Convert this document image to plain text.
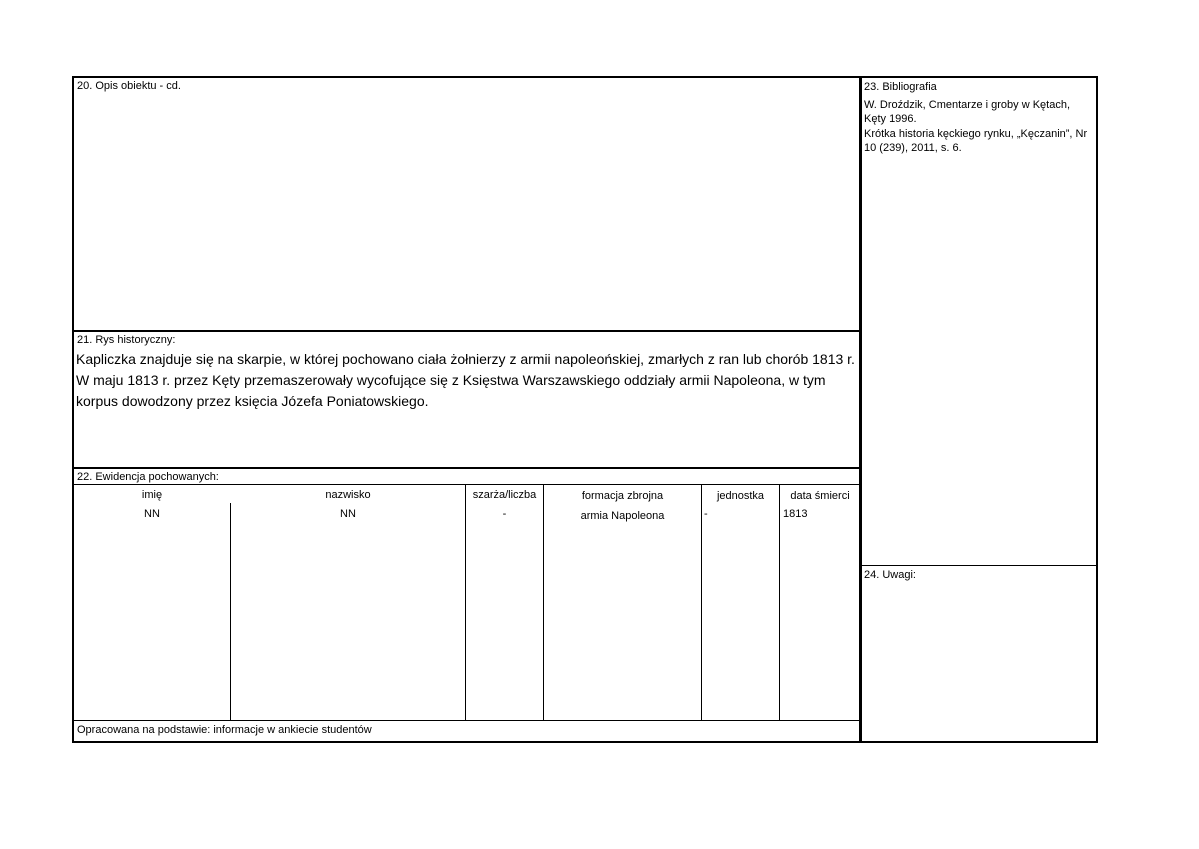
20. Opis obiektu - cd.
21. Rys historyczny:
Kapliczka znajduje się na skarpie, w której pochowano ciała żołnierzy z armii napoleońskiej, zmarłych z ran lub chorób 1813 r. W maju 1813 r. przez Kęty przemaszerowały wycofujące się z Księstwa Warszawskiego oddziały armii Napoleona, w tym korpus dowodzony przez księcia Józefa Poniatowskiego.
22. Ewidencja pochowanych:
imię	nazwisko	szarża/liczba	formacja zbrojna	jednostka	data śmierci
NN	NN	-	armia Napoleona	-	1813
Opracowana na podstawie: informacje w ankiecie studentów
23. Bibliografia
W. Droździk, Cmentarze i groby w Kętach, Kęty 1996.
Krótka historia kęckiego rynku, „Kęczanin”, Nr 10 (239), 2011, s. 6.
24. Uwagi:
